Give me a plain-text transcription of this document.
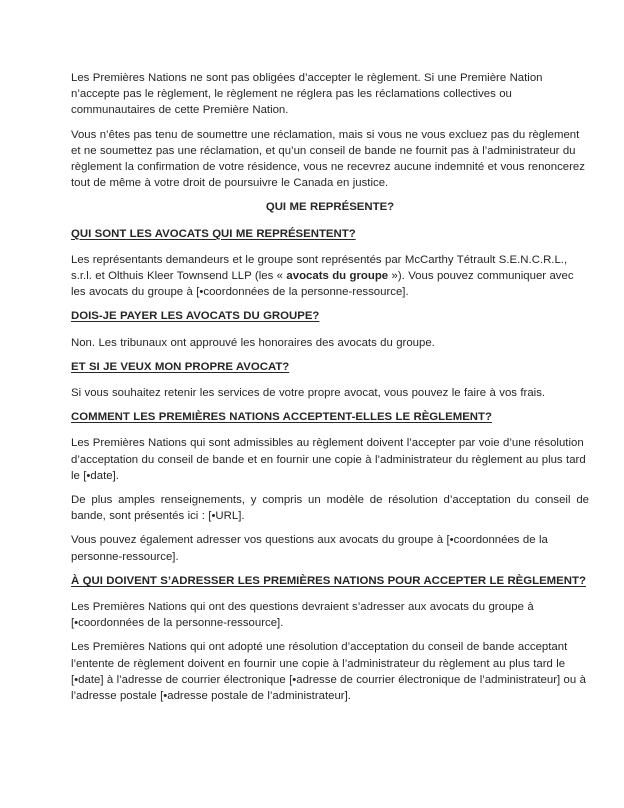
Les Premières Nations ne sont pas obligées d’accepter le règlement. Si une Première Nation n’accepte pas le règlement, le règlement ne réglera pas les réclamations collectives ou communautaires de cette Première Nation.
Vous n’êtes pas tenu de soumettre une réclamation, mais si vous ne vous excluez pas du règlement et ne soumettez pas une réclamation, et qu’un conseil de bande ne fournit pas à l’administrateur du règlement la confirmation de votre résidence, vous ne recevrez aucune indemnité et vous renoncerez tout de même à votre droit de poursuivre le Canada en justice.
QUI ME REPRÉSENTE?
QUI SONT LES AVOCATS QUI ME REPRÉSENTENT?
Les représentants demandeurs et le groupe sont représentés par McCarthy Tétrault S.E.N.C.R.L., s.r.l. et Olthuis Kleer Townsend LLP (les « avocats du groupe »). Vous pouvez communiquer avec les avocats du groupe à [•coordonnées de la personne-ressource].
DOIS-JE PAYER LES AVOCATS DU GROUPE?
Non. Les tribunaux ont approuvé les honoraires des avocats du groupe.
ET SI JE VEUX MON PROPRE AVOCAT?
Si vous souhaitez retenir les services de votre propre avocat, vous pouvez le faire à vos frais.
COMMENT LES PREMIÈRES NATIONS ACCEPTENT-ELLES LE RÈGLEMENT?
Les Premières Nations qui sont admissibles au règlement doivent l’accepter par voie d’une résolution d’acceptation du conseil de bande et en fournir une copie à l’administrateur du règlement au plus tard le [•date].
De plus amples renseignements, y compris un modèle de résolution d’acceptation du conseil de bande, sont présentés ici : [•URL].
Vous pouvez également adresser vos questions aux avocats du groupe à [•coordonnées de la personne-ressource].
À QUI DOIVENT S’ADRESSER LES PREMIÈRES NATIONS POUR ACCEPTER LE RÈGLEMENT?
Les Premières Nations qui ont des questions devraient s’adresser aux avocats du groupe à [•coordonnées de la personne-ressource].
Les Premières Nations qui ont adopté une résolution d’acceptation du conseil de bande acceptant l’entente de règlement doivent en fournir une copie à l’administrateur du règlement au plus tard le [•date] à l’adresse de courrier électronique [•adresse de courrier électronique de l’administrateur] ou à l’adresse postale [•adresse postale de l’administrateur].
